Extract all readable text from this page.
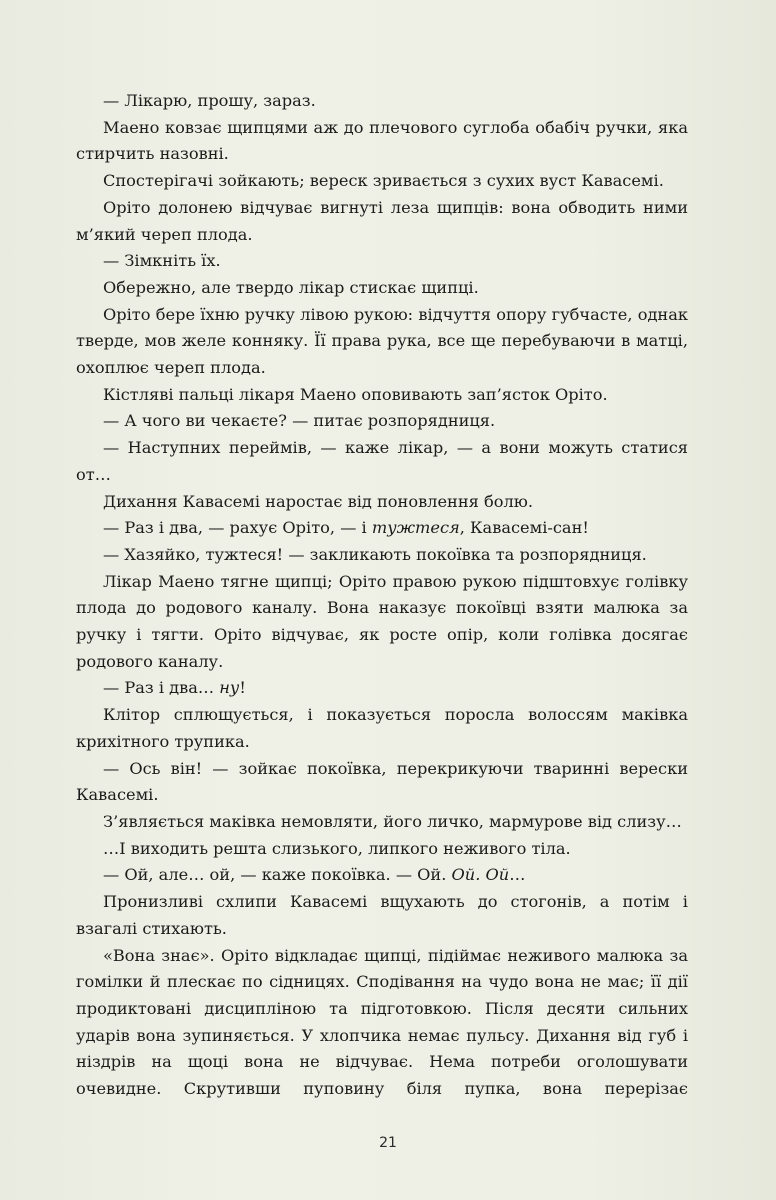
— Лікарю, прошу, зараз.

Маено ковзає щипцями аж до плечового суглоба обабіч ручки, яка стирчить назовні.

Спостерігачі зойкають; вереск зривається з сухих вуст Кавасемі.

Оріто долонею відчуває вигнуті леза щипців: вона обводить ними м’який череп плода.

— Зімкніть їх.

Обережно, але твердо лікар стискає щипці.

Оріто бере їхню ручку лівою рукою: відчуття опору губчасте, однак тверде, мов желе конняку. Її права рука, все ще перебуваючи в матці, охоплює череп плода.

Кістляві пальці лікаря Маено оповивають зап’ясток Оріто.

— А чого ви чекаєте? — питає розпорядниця.

— Наступних переймів, — каже лікар, — а вони можуть статися от…

Дихання Кавасемі наростає від поновлення болю.

— Раз і два, — рахує Оріто, — і тужтеся, Кавасемі-сан!

— Хазяйко, тужтеся! — закликають покоївка та розпорядниця.

Лікар Маено тягне щипці; Оріто правою рукою підштовхує голівку плода до родового каналу. Вона наказує покоївці взяти малюка за ручку і тягти. Оріто відчуває, як росте опір, коли голівка досягає родового каналу.

— Раз і два… ну!

Клітор сплющується, і показується поросла волоссям маківка крихітного трупика.

— Ось він! — зойкає покоївка, перекрикуючи тваринні верески Кавасемі.

З’являється маківка немовляти, його личко, мармурове від слизу…

…І виходить решта слизького, липкого неживого тіла.

— Ой, але… ой, — каже покоївка. — Ой. Ой. Ой…

Пронизливі схлипи Кавасемі вщухають до стогонів, а потім і взагалі стихають.

«Вона знає». Оріто відкладає щипці, підіймає неживого малюка за гомілки й плескає по сідницях. Сподівання на чудо вона не має; її дії продиктовані дисципліною та підготовкою. Після десяти сильних ударів вона зупиняється. У хлопчика немає пульсу. Дихання від губ і ніздрів на щоці вона не відчуває. Нема потреби оголошувати очевидне. Скрутивши пуповину біля пупка, вона перерізає

21
